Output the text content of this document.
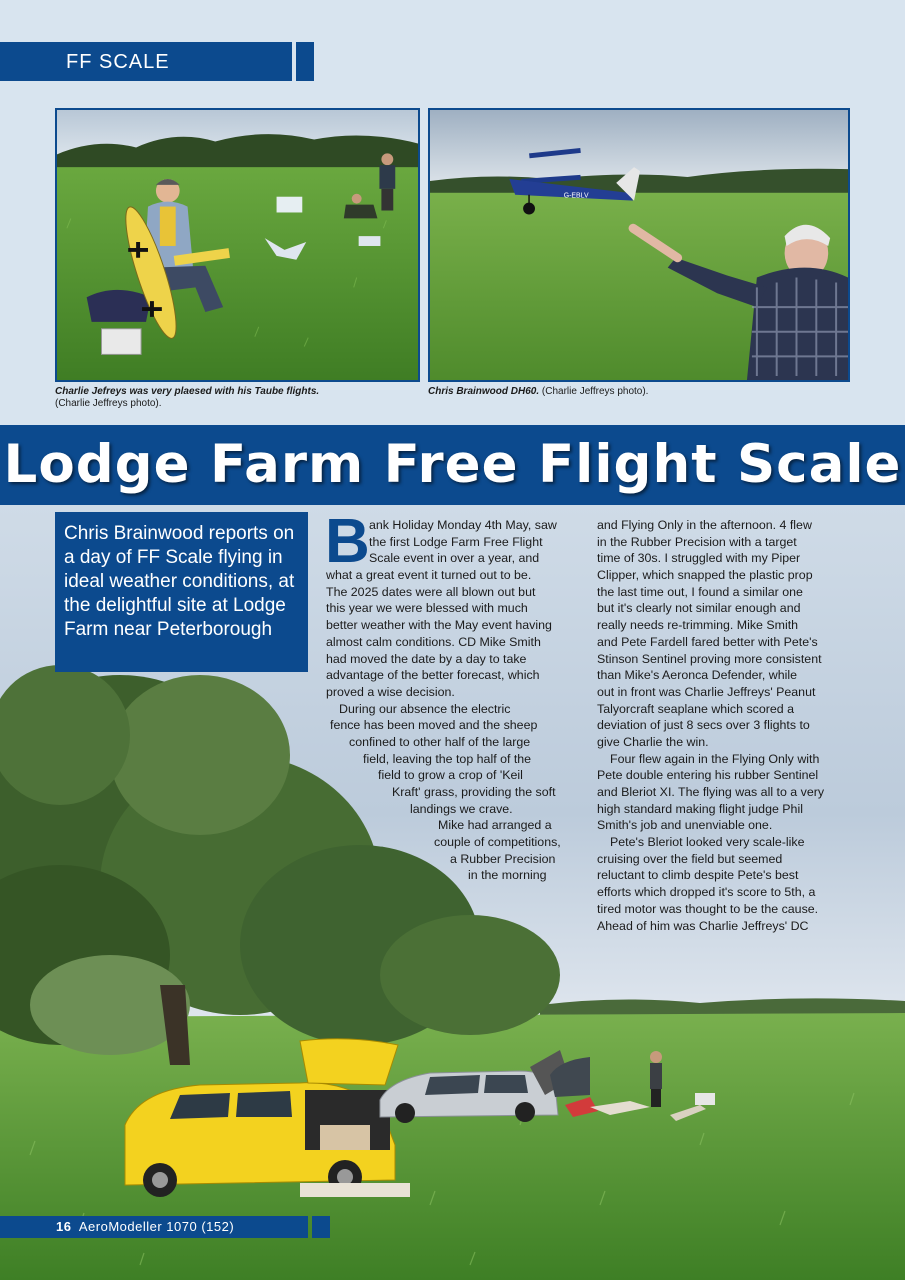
FF SCALE
G-EBLV
Charlie Jefreys was very plaesed with his Taube flights.
(Charlie Jeffreys photo).
Chris Brainwood DH60. (Charlie Jeffreys photo).
Lodge Farm Free Flight Scale
Chris Brainwood reports on a day of FF Scale flying in ideal weather conditions, at the delightful site at Lodge Farm near Peterborough
B ank Holiday Monday 4th May, saw
the first Lodge Farm Free Flight
Scale event in over a year, and
what a great event it turned out to be.
The 2025 dates were all blown out but
this year we were blessed with much
better weather with the May event having
almost calm conditions. CD Mike Smith
had moved the date by a day to take
advantage of the better forecast, which
proved a wise decision.
During our absence the electric
fence has been moved and the sheep
confined to other half of the large
field, leaving the top half of the
field to grow a crop of 'Keil
Kraft' grass, providing the soft
landings we crave.
Mike had arranged a
couple of competitions,
a Rubber Precision
in the morning
and Flying Only in the afternoon. 4 flew
in the Rubber Precision with a target
time of 30s. I struggled with my Piper
Clipper, which snapped the plastic prop
the last time out, I found a similar one
but it's clearly not similar enough and
really needs re-trimming. Mike Smith
and Pete Fardell fared better with Pete's
Stinson Sentinel proving more consistent
than Mike's Aeronca Defender, while
out in front was Charlie Jeffreys' Peanut
Talyorcraft seaplane which scored a
deviation of just 8 secs over 3 flights to
give Charlie the win.
Four flew again in the Flying Only with
Pete double entering his rubber Sentinel
and Bleriot XI. The flying was all to a very
high standard making flight judge Phil
Smith's job and unenviable one.
Pete's Bleriot looked very scale-like
cruising over the field but seemed
reluctant to climb despite Pete's best
efforts which dropped it's score to 5th, a
tired motor was thought to be the cause.
Ahead of him was Charlie Jeffreys' DC
16 AeroModeller 1070 (152)
